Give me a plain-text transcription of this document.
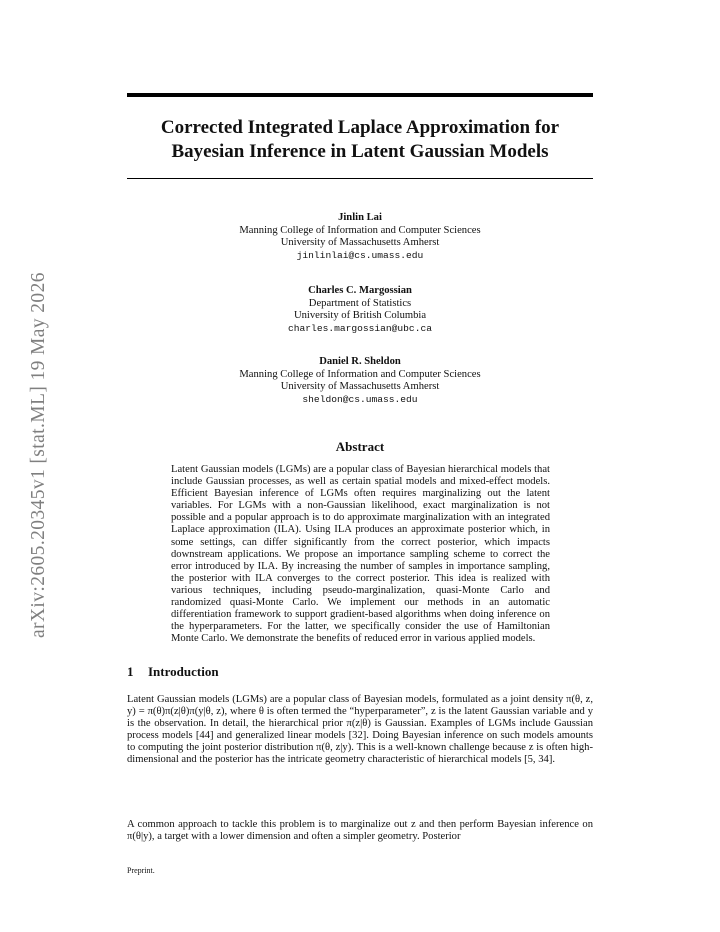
arXiv:2605.20345v1 [stat.ML] 19 May 2026
Corrected Integrated Laplace Approximation for
Bayesian Inference in Latent Gaussian Models
Jinlin Lai
Manning College of Information and Computer Sciences
University of Massachusetts Amherst
jinlinlai@cs.umass.edu
Charles C. Margossian
Department of Statistics
University of British Columbia
charles.margossian@ubc.ca
Daniel R. Sheldon
Manning College of Information and Computer Sciences
University of Massachusetts Amherst
sheldon@cs.umass.edu
Abstract
Latent Gaussian models (LGMs) are a popular class of Bayesian hierarchical models that include Gaussian processes, as well as certain spatial models and mixed-effect models. Efficient Bayesian inference of LGMs often requires marginalizing out the latent variables. For LGMs with a non-Gaussian likelihood, exact marginalization is not possible and a popular approach is to do approximate marginalization with an integrated Laplace approximation (ILA). Using ILA produces an approximate posterior which, in some settings, can differ significantly from the correct posterior, which impacts downstream applications. We propose an importance sampling scheme to correct the error introduced by ILA. By increasing the number of samples in importance sampling, the posterior with ILA converges to the correct posterior. This idea is realized with various techniques, including pseudo-marginalization, quasi-Monte Carlo and randomized quasi-Monte Carlo. We implement our methods in an automatic differentiation framework to support gradient-based algorithms when doing inference on the hyperparameters. For the latter, we specifically consider the use of Hamiltonian Monte Carlo. We demonstrate the benefits of reduced error in various applied models.
1 Introduction
Latent Gaussian models (LGMs) are a popular class of Bayesian models, formulated as a joint density π(θ, z, y) = π(θ)π(z|θ)π(y|θ, z), where θ is often termed the “hyperparameter”, z is the latent Gaussian variable and y is the observation. In detail, the hierarchical prior π(z|θ) is Gaussian. Examples of LGMs include Gaussian process models [44] and generalized linear models [32]. Doing Bayesian inference on such models amounts to computing the joint posterior distribution π(θ, z|y). This is a well-known challenge because z is often high-dimensional and the posterior has the intricate geometry characteristic of hierarchical models [5, 34].
A common approach to tackle this problem is to marginalize out z and then perform Bayesian inference on π(θ|y), a target with a lower dimension and often a simpler geometry. Posterior
Preprint.
